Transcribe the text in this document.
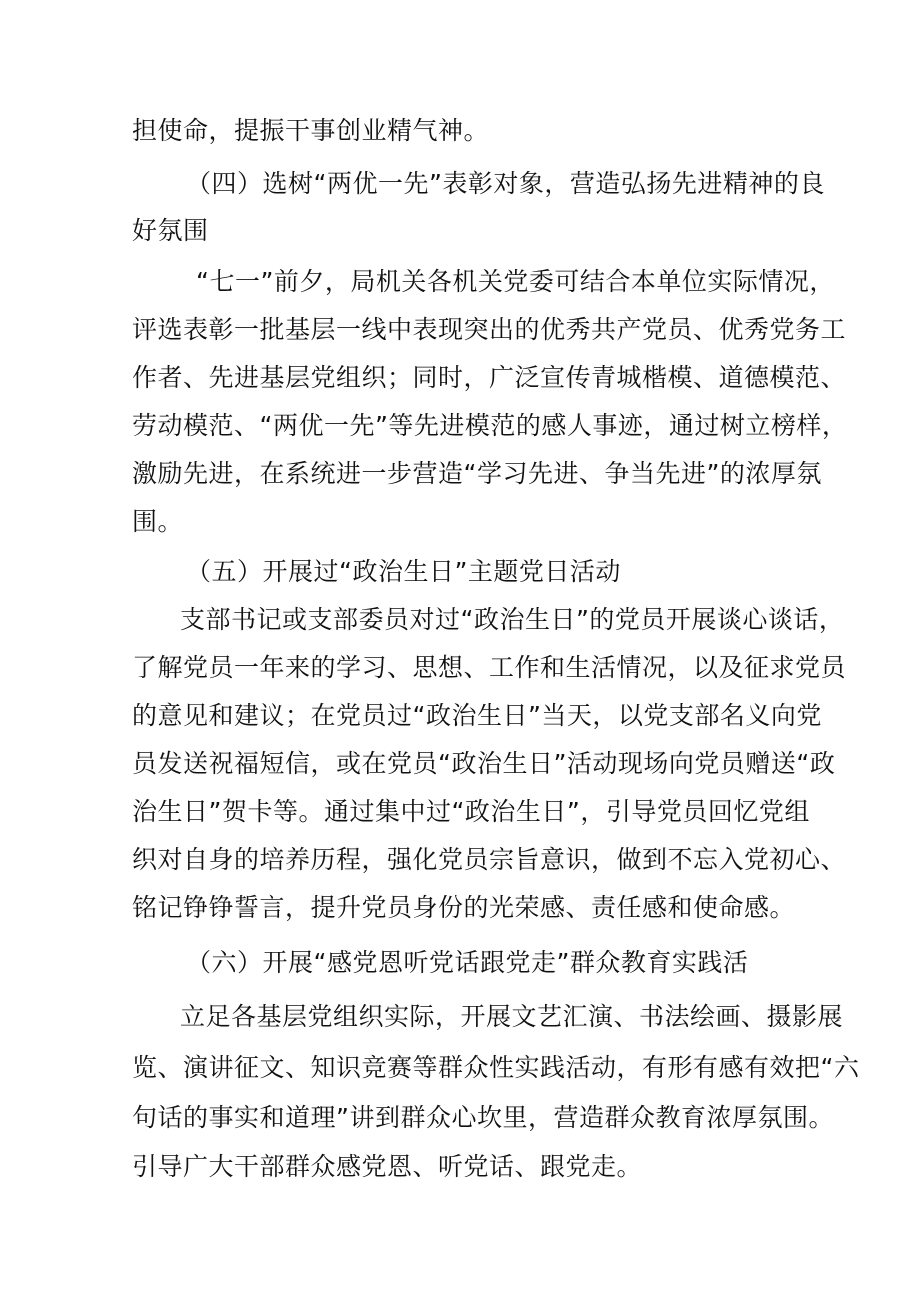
担使命，提振干事创业精气神。
（四）选树“两优一先”表彰对象，营造弘扬先进精神的良
好氛围
“七一”前夕，局机关各机关党委可结合本单位实际情况，
评选表彰一批基层一线中表现突出的优秀共产党员、优秀党务工
作者、先进基层党组织；同时，广泛宣传青城楷模、道德模范、
劳动模范、“两优一先”等先进模范的感人事迹，通过树立榜样，
激励先进，在系统进一步营造“学习先进、争当先进”的浓厚氛
围。
（五）开展过“政治生日”主题党日活动
支部书记或支部委员对过“政治生日”的党员开展谈心谈话，
了解党员一年来的学习、思想、工作和生活情况，以及征求党员
的意见和建议；在党员过“政治生日”当天，以党支部名义向党
员发送祝福短信，或在党员“政治生日”活动现场向党员赠送“政
治生日”贺卡等。通过集中过“政治生日”，引导党员回忆党组
织对自身的培养历程，强化党员宗旨意识，做到不忘入党初心、
铭记铮铮誓言，提升党员身份的光荣感、责任感和使命感。
（六）开展“感党恩听党话跟党走”群众教育实践活
立足各基层党组织实际，开展文艺汇演、书法绘画、摄影展
览、演讲征文、知识竞赛等群众性实践活动，有形有感有效把“六
句话的事实和道理”讲到群众心坎里，营造群众教育浓厚氛围。
引导广大干部群众感党恩、听党话、跟党走。
